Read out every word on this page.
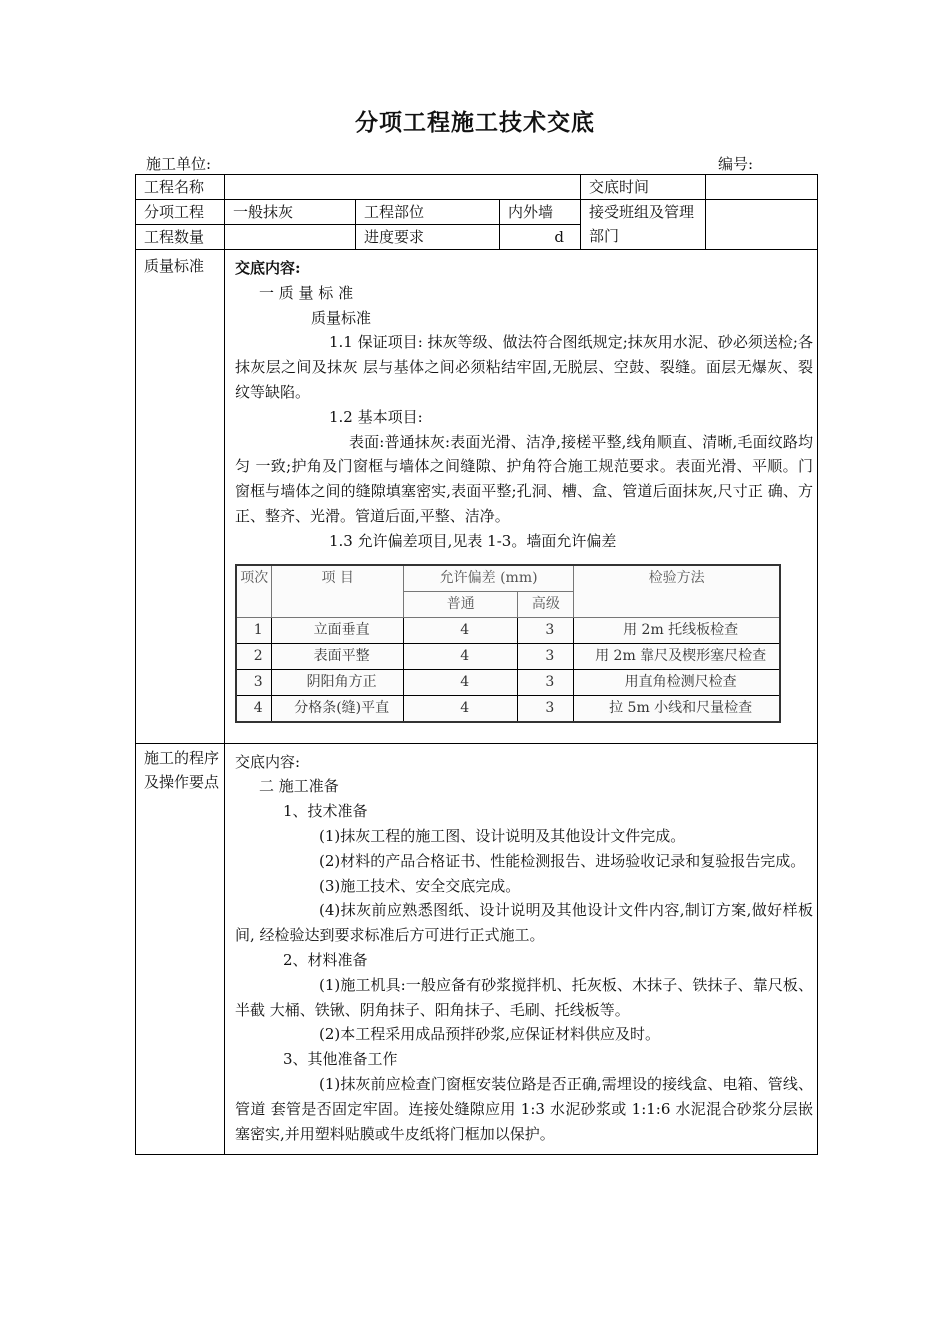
分项工程施工技术交底
施工单位:	编号:
工程名称		交底时间	
分项工程	一般抹灰	工程部位	内外墙	接受班组及管理部门	
工程数量		进度要求	d
质量标准	交底内容:

一 质 量 标 准

质量标准

1.1 保证项目: 抹灰等级、做法符合图纸规定;抹灰用水泥、砂必须送检;各抹灰层之间及抹灰 层与基体之间必须粘结牢固,无脱层、空鼓、裂缝。面层无爆灰、裂纹等缺陷。

1.2 基本项目:

表面:普通抹灰:表面光滑、洁净,接槎平整,线角顺直、清晰,毛面纹路均匀 一致;护角及门窗框与墙体之间缝隙、护角符合施工规范要求。表面光滑、平顺。门 窗框与墙体之间的缝隙填塞密实,表面平整;孔洞、槽、盒、管道后面抹灰,尺寸正 确、方正、整齐、光滑。管道后面,平整、洁净。

1.3 允许偏差项目,见表 1-3。墙面允许偏差

项次	项 目	允许偏差 (mm)	检验方法
普通	高级
1	立面垂直	4	3	用 2m 托线板检查
2	表面平整	4	3	用 2m 靠尺及楔形塞尺检查
3	阴阳角方正	4	3	用直角检测尺检查
4	分格条(缝)平直	4	3	拉 5m 小线和尺量检查

施工的程序及操作要点	

交底内容:

二 施工准备

1、技术准备

(1)抹灰工程的施工图、设计说明及其他设计文件完成。

(2)材料的产品合格证书、性能检测报告、进场验收记录和复验报告完成。

(3)施工技术、安全交底完成。

(4)抹灰前应熟悉图纸、设计说明及其他设计文件内容,制订方案,做好样板间, 经检验达到要求标准后方可进行正式施工。

2、材料准备

(1)施工机具:一般应备有砂浆搅拌机、托灰板、木抹子、铁抹子、靠尺板、半截 大桶、铁锹、阴角抹子、阳角抹子、毛刷、托线板等。

(2)本工程采用成品预拌砂浆,应保证材料供应及时。

3、其他准备工作

(1)抹灰前应检查门窗框安装位路是否正确,需埋设的接线盒、电箱、管线、管道 套管是否固定牢固。连接处缝隙应用 1:3 水泥砂浆或 1:1:6 水泥混合砂浆分层嵌 塞密实,并用塑料贴膜或牛皮纸将门框加以保护。
